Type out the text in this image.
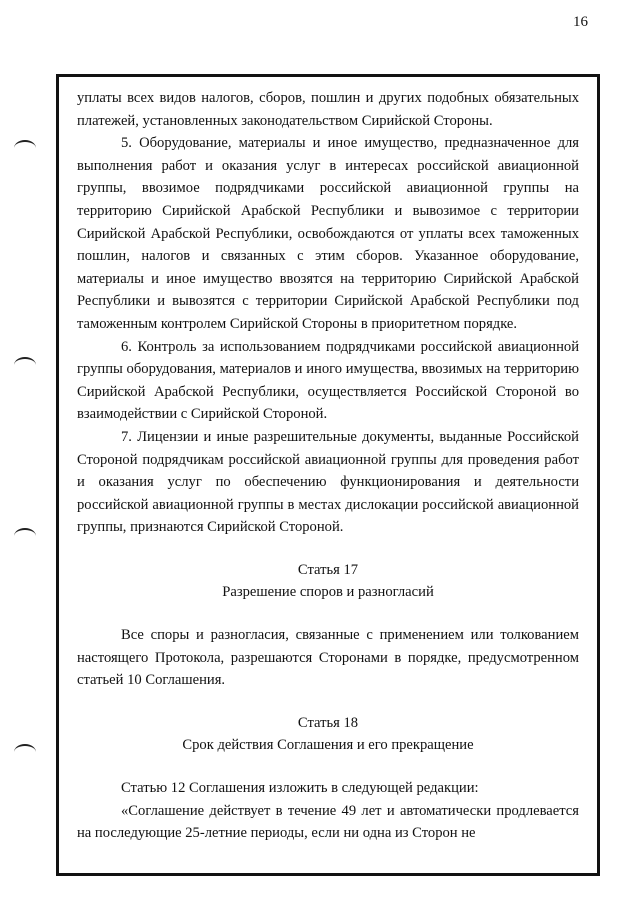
16

уплаты всех видов налогов, сборов, пошлин и других подобных обязательных платежей, установленных законодательством Сирийской Стороны.

5. Оборудование, материалы и иное имущество, предназначенное для выполнения работ и оказания услуг в интересах российской авиационной группы, ввозимое подрядчиками российской авиационной группы на территорию Сирийской Арабской Республики и вывозимое с территории Сирийской Арабской Республики, освобождаются от уплаты всех таможенных пошлин, налогов и связанных с этим сборов. Указанное оборудование, материалы и иное имущество ввозятся на территорию Сирийской Арабской Республики и вывозятся с территории Сирийской Арабской Республики под таможенным контролем Сирийской Стороны в приоритетном порядке.

6. Контроль за использованием подрядчиками российской авиационной группы оборудования, материалов и иного имущества, ввозимых на территорию Сирийской Арабской Республики, осуществляется Российской Стороной во взаимодействии с Сирийской Стороной.

7. Лицензии и иные разрешительные документы, выданные Российской Стороной подрядчикам российской авиационной группы для проведения работ и оказания услуг по обеспечению функционирования и деятельности российской авиационной группы в местах дислокации российской авиационной группы, признаются Сирийской Стороной.

Статья 17

Разрешение споров и разногласий

Все споры и разногласия, связанные с применением или толкованием настоящего Протокола, разрешаются Сторонами в порядке, предусмотренном статьей 10 Соглашения.

Статья 18

Срок действия Соглашения и его прекращение

Статью 12 Соглашения изложить в следующей редакции:

«Соглашение действует в течение 49 лет и автоматически продлевается на последующие 25-летние периоды, если ни одна из Сторон не
